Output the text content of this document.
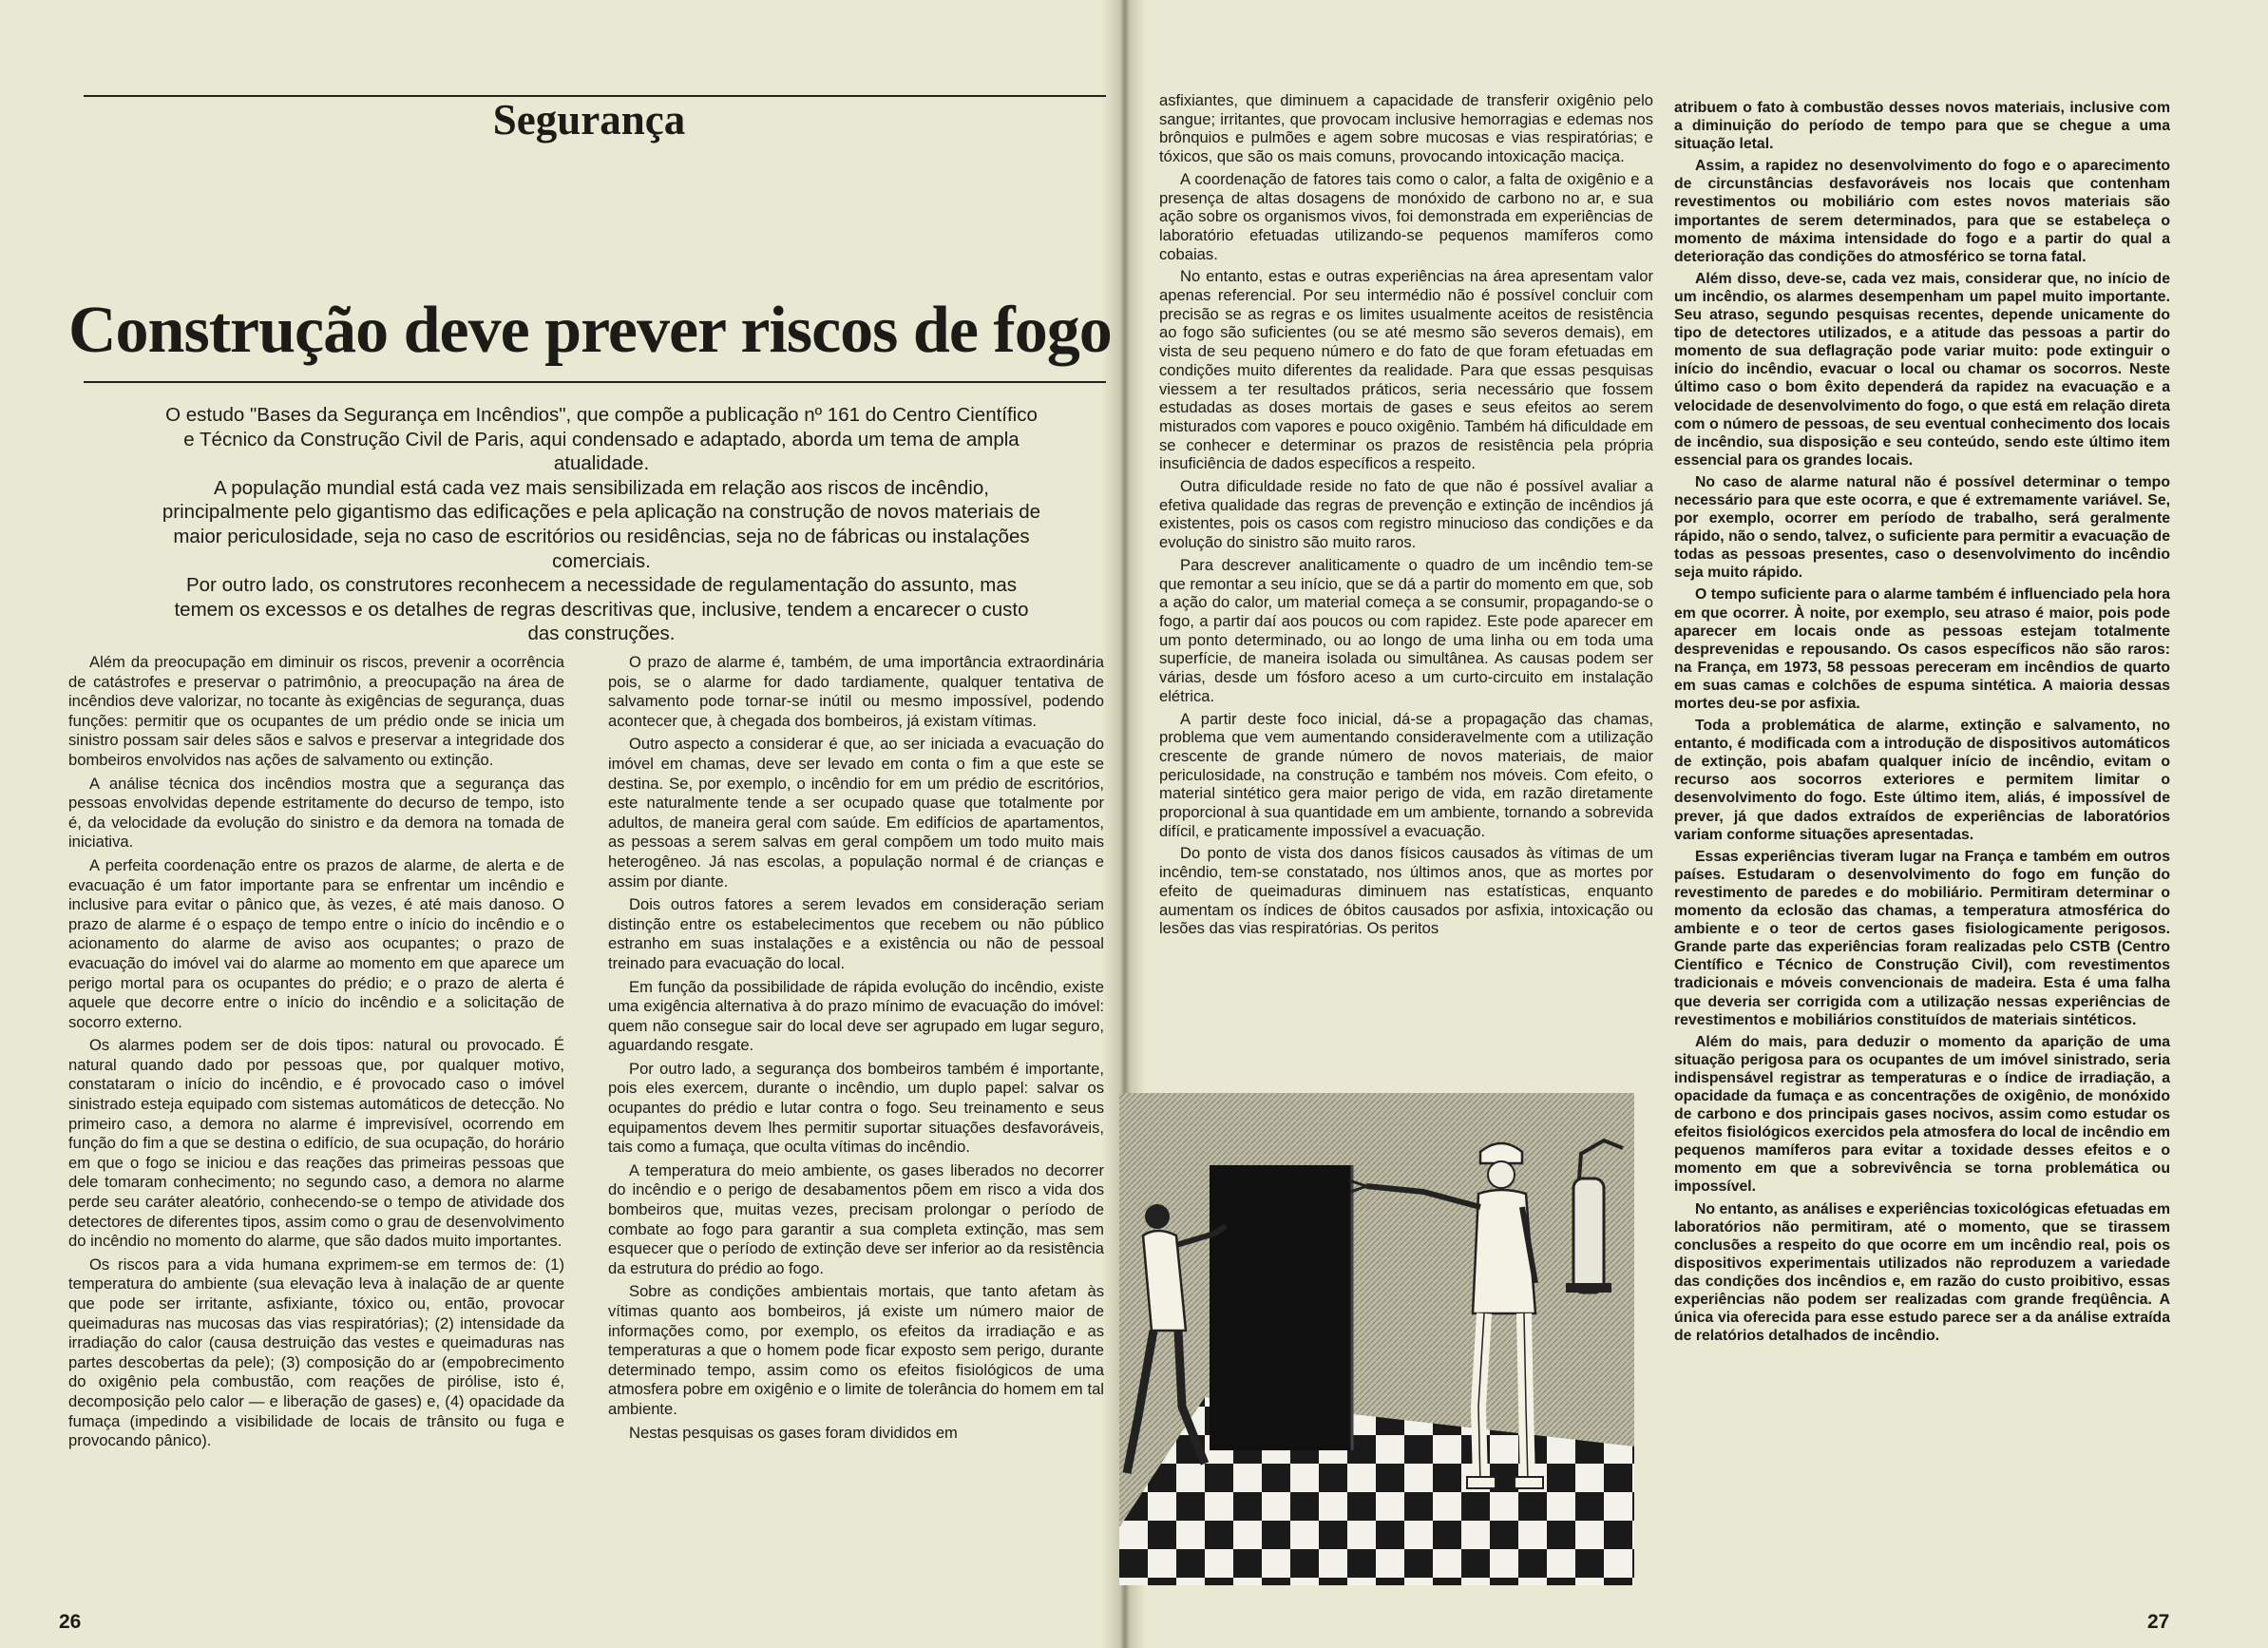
Segurança
Construção deve prever riscos de fogo

O estudo "Bases da Segurança em Incêndios", que compõe a publicação nº 161 do Centro Científico e Técnico da Construção Civil de Paris, aqui condensado e adaptado, aborda um tema de ampla atualidade.

A população mundial está cada vez mais sensibilizada em relação aos riscos de incêndio, principalmente pelo gigantismo das edificações e pela aplicação na construção de novos materiais de maior periculosidade, seja no caso de escritórios ou residências, seja no de fábricas ou instalações comerciais.

Por outro lado, os construtores reconhecem a necessidade de regulamentação do assunto, mas temem os excessos e os detalhes de regras descritivas que, inclusive, tendem a encarecer o custo das construções.

Além da preocupação em diminuir os riscos, prevenir a ocorrência de catástrofes e preservar o patrimônio, a preocupação na área de incêndios deve valorizar, no tocante às exigências de segurança, duas funções: permitir que os ocupantes de um prédio onde se inicia um sinistro possam sair deles sãos e salvos e preservar a integridade dos bombeiros envolvidos nas ações de salvamento ou extinção.

A análise técnica dos incêndios mostra que a segurança das pessoas envolvidas depende estritamente do decurso de tempo, isto é, da velocidade da evolução do sinistro e da demora na tomada de iniciativa.

A perfeita coordenação entre os prazos de alarme, de alerta e de evacuação é um fator importante para se enfrentar um incêndio e inclusive para evitar o pânico que, às vezes, é até mais danoso. O prazo de alarme é o espaço de tempo entre o início do incêndio e o acionamento do alarme de aviso aos ocupantes; o prazo de evacuação do imóvel vai do alarme ao momento em que aparece um perigo mortal para os ocupantes do prédio; e o prazo de alerta é aquele que decorre entre o início do incêndio e a solicitação de socorro externo.

Os alarmes podem ser de dois tipos: natural ou provocado. É natural quando dado por pessoas que, por qualquer motivo, constataram o início do incêndio, e é provocado caso o imóvel sinistrado esteja equipado com sistemas automáticos de detecção. No primeiro caso, a demora no alarme é imprevisível, ocorrendo em função do fim a que se destina o edifício, de sua ocupação, do horário em que o fogo se iniciou e das reações das primeiras pessoas que dele tomaram conhecimento; no segundo caso, a demora no alarme perde seu caráter aleatório, conhecendo-se o tempo de atividade dos detectores de diferentes tipos, assim como o grau de desenvolvimento do incêndio no momento do alarme, que são dados muito importantes.

Os riscos para a vida humana exprimem-se em termos de: (1) temperatura do ambiente (sua elevação leva à inalação de ar quente que pode ser irritante, asfixiante, tóxico ou, então, provocar queimaduras nas mucosas das vias respiratórias); (2) intensidade da irradiação do calor (causa destruição das vestes e queimaduras nas partes descobertas da pele); (3) composição do ar (empobrecimento do oxigênio pela combustão, com reações de pirólise, isto é, decomposição pelo calor — e liberação de gases) e, (4) opacidade da fumaça (impedindo a visibilidade de locais de trânsito ou fuga e provocando pânico).

O prazo de alarme é, também, de uma importância extraordinária pois, se o alarme for dado tardiamente, qualquer tentativa de salvamento pode tornar-se inútil ou mesmo impossível, podendo acontecer que, à chegada dos bombeiros, já existam vítimas.

Outro aspecto a considerar é que, ao ser iniciada a evacuação do imóvel em chamas, deve ser levado em conta o fim a que este se destina. Se, por exemplo, o incêndio for em um prédio de escritórios, este naturalmente tende a ser ocupado quase que totalmente por adultos, de maneira geral com saúde. Em edifícios de apartamentos, as pessoas a serem salvas em geral compõem um todo muito mais heterogêneo. Já nas escolas, a população normal é de crianças e assim por diante.

Dois outros fatores a serem levados em consideração seriam distinção entre os estabelecimentos que recebem ou não público estranho em suas instalações e a existência ou não de pessoal treinado para evacuação do local.

Em função da possibilidade de rápida evolução do incêndio, existe uma exigência alternativa à do prazo mínimo de evacuação do imóvel: quem não consegue sair do local deve ser agrupado em lugar seguro, aguardando resgate.

Por outro lado, a segurança dos bombeiros também é importante, pois eles exercem, durante o incêndio, um duplo papel: salvar os ocupantes do prédio e lutar contra o fogo. Seu treinamento e seus equipamentos devem lhes permitir suportar situações desfavoráveis, tais como a fumaça, que oculta vítimas do incêndio.

A temperatura do meio ambiente, os gases liberados no decorrer do incêndio e o perigo de desabamentos põem em risco a vida dos bombeiros que, muitas vezes, precisam prolongar o período de combate ao fogo para garantir a sua completa extinção, mas sem esquecer que o período de extinção deve ser inferior ao da resistência da estrutura do prédio ao fogo.

Sobre as condições ambientais mortais, que tanto afetam às vítimas quanto aos bombeiros, já existe um número maior de informações como, por exemplo, os efeitos da irradiação e as temperaturas a que o homem pode ficar exposto sem perigo, durante determinado tempo, assim como os efeitos fisiológicos de uma atmosfera pobre em oxigênio e o limite de tolerância do homem em tal ambiente.

Nestas pesquisas os gases foram divididos em

asfixiantes, que diminuem a capacidade de transferir oxigênio pelo sangue; irritantes, que provocam inclusive hemorragias e edemas nos brônquios e pulmões e agem sobre mucosas e vias respiratórias; e tóxicos, que são os mais comuns, provocando intoxicação maciça.

A coordenação de fatores tais como o calor, a falta de oxigênio e a presença de altas dosagens de monóxido de carbono no ar, e sua ação sobre os organismos vivos, foi demonstrada em experiências de laboratório efetuadas utilizando-se pequenos mamíferos como cobaias.

No entanto, estas e outras experiências na área apresentam valor apenas referencial. Por seu intermédio não é possível concluir com precisão se as regras e os limites usualmente aceitos de resistência ao fogo são suficientes (ou se até mesmo são severos demais), em vista de seu pequeno número e do fato de que foram efetuadas em condições muito diferentes da realidade. Para que essas pesquisas viessem a ter resultados práticos, seria necessário que fossem estudadas as doses mortais de gases e seus efeitos ao serem misturados com vapores e pouco oxigênio. Também há dificuldade em se conhecer e determinar os prazos de resistência pela própria insuficiência de dados específicos a respeito.

Outra dificuldade reside no fato de que não é possível avaliar a efetiva qualidade das regras de prevenção e extinção de incêndios já existentes, pois os casos com registro minucioso das condições e da evolução do sinistro são muito raros.

Para descrever analiticamente o quadro de um incêndio tem-se que remontar a seu início, que se dá a partir do momento em que, sob a ação do calor, um material começa a se consumir, propagando-se o fogo, a partir daí aos poucos ou com rapidez. Este pode aparecer em um ponto determinado, ou ao longo de uma linha ou em toda uma superfície, de maneira isolada ou simultânea. As causas podem ser várias, desde um fósforo aceso a um curto-circuito em instalação elétrica.

A partir deste foco inicial, dá-se a propagação das chamas, problema que vem aumentando consideravelmente com a utilização crescente de grande número de novos materiais, de maior periculosidade, na construção e também nos móveis. Com efeito, o material sintético gera maior perigo de vida, em razão diretamente proporcional à sua quantidade em um ambiente, tornando a sobrevida difícil, e praticamente impossível a evacuação.

Do ponto de vista dos danos físicos causados às vítimas de um incêndio, tem-se constatado, nos últimos anos, que as mortes por efeito de queimaduras diminuem nas estatísticas, enquanto aumentam os índices de óbitos causados por asfixia, intoxicação ou lesões das vias respiratórias. Os peritos

atribuem o fato à combustão desses novos materiais, inclusive com a diminuição do período de tempo para que se chegue a uma situação letal.

Assim, a rapidez no desenvolvimento do fogo e o aparecimento de circunstâncias desfavoráveis nos locais que contenham revestimentos ou mobiliário com estes novos materiais são importantes de serem determinados, para que se estabeleça o momento de máxima intensidade do fogo e a partir do qual a deterioração das condições do atmosférico se torna fatal.

Além disso, deve-se, cada vez mais, considerar que, no início de um incêndio, os alarmes desempenham um papel muito importante. Seu atraso, segundo pesquisas recentes, depende unicamente do tipo de detectores utilizados, e a atitude das pessoas a partir do momento de sua deflagração pode variar muito: pode extinguir o início do incêndio, evacuar o local ou chamar os socorros. Neste último caso o bom êxito dependerá da rapidez na evacuação e a velocidade de desenvolvimento do fogo, o que está em relação direta com o número de pessoas, de seu eventual conhecimento dos locais de incêndio, sua disposição e seu conteúdo, sendo este último item essencial para os grandes locais.

No caso de alarme natural não é possível determinar o tempo necessário para que este ocorra, e que é extremamente variável. Se, por exemplo, ocorrer em período de trabalho, será geralmente rápido, não o sendo, talvez, o suficiente para permitir a evacuação de todas as pessoas presentes, caso o desenvolvimento do incêndio seja muito rápido.

O tempo suficiente para o alarme também é influenciado pela hora em que ocorrer. À noite, por exemplo, seu atraso é maior, pois pode aparecer em locais onde as pessoas estejam totalmente desprevenidas e repousando. Os casos específicos não são raros: na França, em 1973, 58 pessoas pereceram em incêndios de quarto em suas camas e colchões de espuma sintética. A maioria dessas mortes deu-se por asfixia.

Toda a problemática de alarme, extinção e salvamento, no entanto, é modificada com a introdução de dispositivos automáticos de extinção, pois abafam qualquer início de incêndio, evitam o recurso aos socorros exteriores e permitem limitar o desenvolvimento do fogo. Este último item, aliás, é impossível de prever, já que dados extraídos de experiências de laboratórios variam conforme situações apresentadas.

Essas experiências tiveram lugar na França e também em outros países. Estudaram o desenvolvimento do fogo em função do revestimento de paredes e do mobiliário. Permitiram determinar o momento da eclosão das chamas, a temperatura atmosférica do ambiente e o teor de certos gases fisiologicamente perigosos. Grande parte das experiências foram realizadas pelo CSTB (Centro Científico e Técnico de Construção Civil), com revestimentos tradicionais e móveis convencionais de madeira. Esta é uma falha que deveria ser corrigida com a utilização nessas experiências de revestimentos e mobiliários constituídos de materiais sintéticos.

Além do mais, para deduzir o momento da aparição de uma situação perigosa para os ocupantes de um imóvel sinistrado, seria indispensável registrar as temperaturas e o índice de irradiação, a opacidade da fumaça e as concentrações de oxigênio, de monóxido de carbono e dos principais gases nocivos, assim como estudar os efeitos fisiológicos exercidos pela atmosfera do local de incêndio em pequenos mamíferos para evitar a toxidade desses efeitos e o momento em que a sobrevivência se torna problemática ou impossível.

No entanto, as análises e experiências toxicológicas efetuadas em laboratórios não permitiram, até o momento, que se tirassem conclusões a respeito do que ocorre em um incêndio real, pois os dispositivos experimentais utilizados não reproduzem a variedade das condições dos incêndios e, em razão do custo proibitivo, essas experiências não podem ser realizadas com grande freqüência. A única via oferecida para esse estudo parece ser a da análise extraída de relatórios detalhados de incêndio.

26	27
